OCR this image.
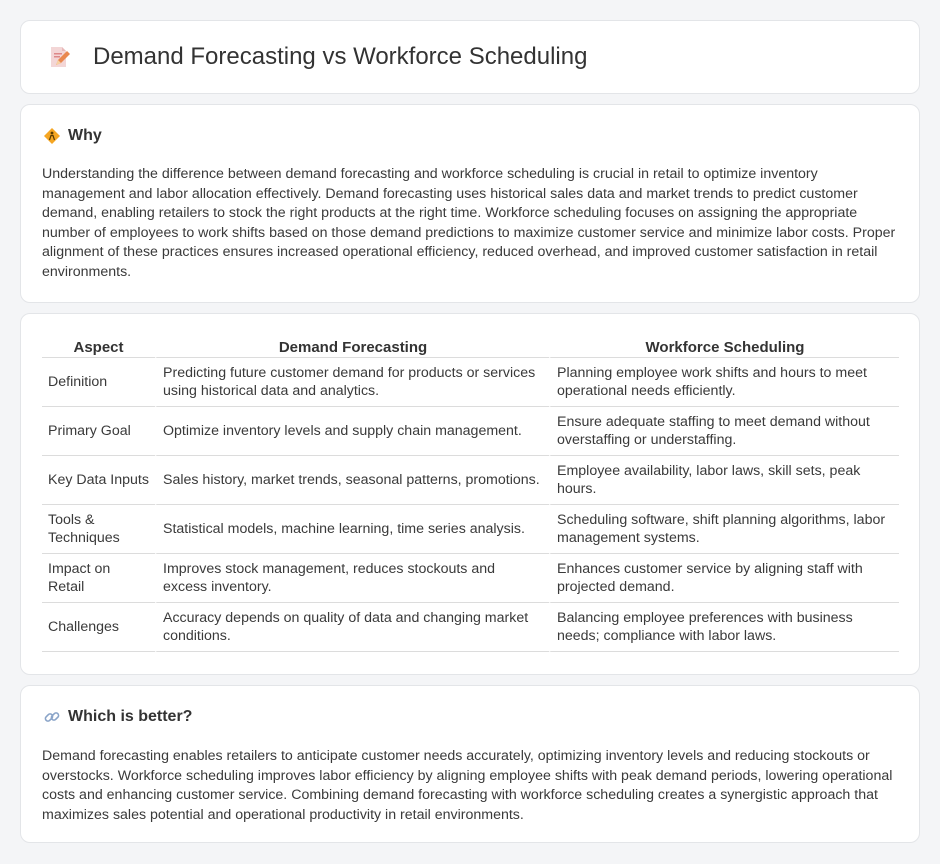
Demand Forecasting vs Workforce Scheduling
Why

Understanding the difference between demand forecasting and workforce scheduling is crucial in retail to optimize inventory management and labor allocation effectively. Demand forecasting uses historical sales data and market trends to predict customer demand, enabling retailers to stock the right products at the right time. Workforce scheduling focuses on assigning the appropriate number of employees to work shifts based on those demand predictions to maximize customer service and minimize labor costs. Proper alignment of these practices ensures increased operational efficiency, reduced overhead, and improved customer satisfaction in retail environments.

Aspect	Demand Forecasting	Workforce Scheduling
Definition	Predicting future customer demand for products or services using historical data and analytics.	Planning employee work shifts and hours to meet operational needs efficiently.
Primary Goal	Optimize inventory levels and supply chain management.	Ensure adequate staffing to meet demand without overstaffing or understaffing.
Key Data Inputs	Sales history, market trends, seasonal patterns, promotions.	Employee availability, labor laws, skill sets, peak hours.
Tools & Techniques	Statistical models, machine learning, time series analysis.	Scheduling software, shift planning algorithms, labor management systems.
Impact on Retail	Improves stock management, reduces stockouts and excess inventory.	Enhances customer service by aligning staff with projected demand.
Challenges	Accuracy depends on quality of data and changing market conditions.	Balancing employee preferences with business needs; compliance with labor laws.
Which is better?

Demand forecasting enables retailers to anticipate customer needs accurately, optimizing inventory levels and reducing stockouts or overstocks. Workforce scheduling improves labor efficiency by aligning employee shifts with peak demand periods, lowering operational costs and enhancing customer service. Combining demand forecasting with workforce scheduling creates a synergistic approach that maximizes sales potential and operational productivity in retail environments.
